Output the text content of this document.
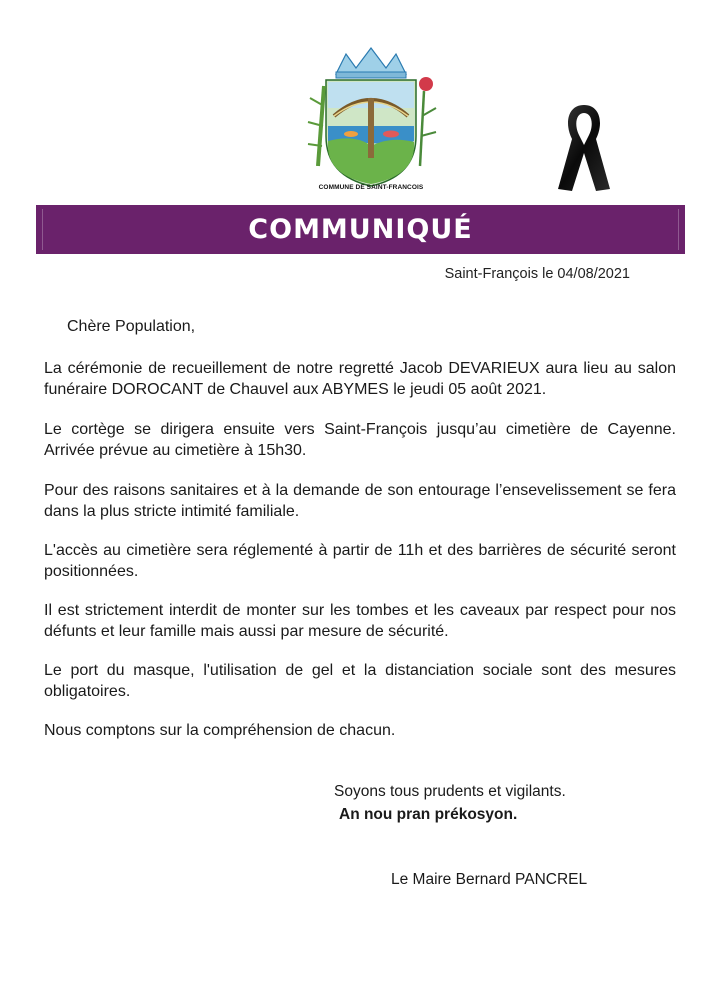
COMMUNE DE SAINT-FRANCOIS
COMMUNIQUÉ
Saint-François le 04/08/2021
Chère Population,
La cérémonie de recueillement de notre regretté Jacob DEVARIEUX aura lieu au salon funéraire DOROCANT de Chauvel aux ABYMES le jeudi 05 août 2021.
Le cortège se dirigera ensuite vers Saint-François jusqu’au cimetière de Cayenne. Arrivée prévue au cimetière à 15h30.
Pour des raisons sanitaires et à la demande de son entourage l’ensevelissement se fera dans la plus stricte intimité familiale.
L'accès au cimetière sera réglementé à partir de 11h et des barrières de sécurité seront positionnées.
Il est strictement interdit de monter sur les tombes et les caveaux par respect pour nos défunts et leur famille mais aussi par mesure de sécurité.
Le port du masque, l'utilisation de gel et la distanciation sociale sont des mesures obligatoires.
Nous comptons sur la compréhension de chacun.
Soyons tous prudents et vigilants.
An nou pran prékosyon.
Le Maire Bernard PANCREL
